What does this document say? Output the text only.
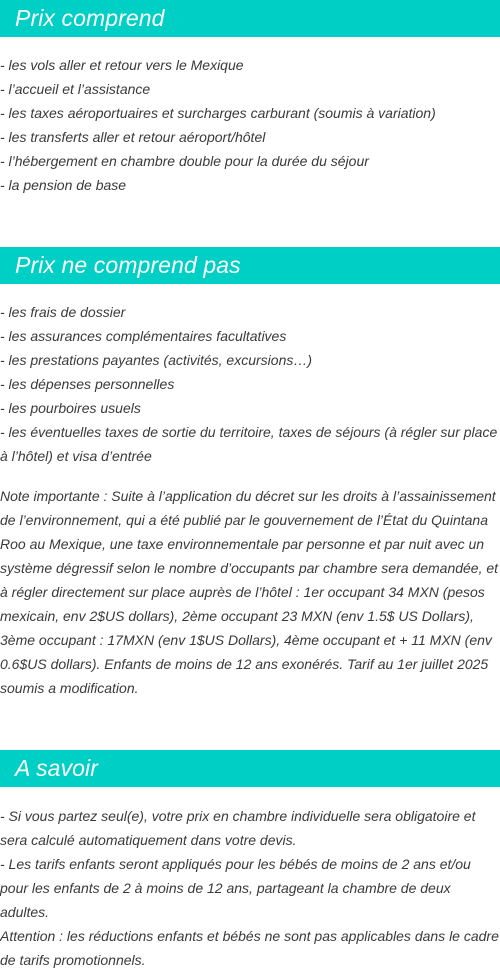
Prix comprend
- les vols aller et retour vers le Mexique
- l’accueil et l’assistance
- les taxes aéroportuaires et surcharges carburant (soumis à variation)
- les transferts aller et retour aéroport/hôtel
- l’hébergement en chambre double pour la durée du séjour
- la pension de base
Prix ne comprend pas
- les frais de dossier
- les assurances complémentaires facultatives
- les prestations payantes (activités, excursions…)
- les dépenses personnelles
- les pourboires usuels
- les éventuelles taxes de sortie du territoire, taxes de séjours (à régler sur place à l’hôtel) et visa d’entrée

Note importante : Suite à l’application du décret sur les droits à l’assainissement de l’environnement, qui a été publié par le gouvernement de l’État du Quintana Roo au Mexique, une taxe environnementale par personne et par nuit avec un système dégressif selon le nombre d’occupants par chambre sera demandée, et à régler directement sur place auprès de l’hôtel : 1er occupant 34 MXN (pesos mexicain, env 2$US dollars), 2ème occupant 23 MXN (env 1.5$ US Dollars), 3ème occupant : 17MXN (env 1$US Dollars), 4ème occupant et + 11 MXN (env 0.6$US dollars). Enfants de moins de 12 ans exonérés. Tarif au 1er juillet 2025 soumis a modification.

A savoir

- Si vous partez seul(e), votre prix en chambre individuelle sera obligatoire et sera calculé automatiquement dans votre devis.

- Les tarifs enfants seront appliqués pour les bébés de moins de 2 ans et/ou pour les enfants de 2 à moins de 12 ans, partageant la chambre de deux adultes.

Attention : les réductions enfants et bébés ne sont pas applicables dans le cadre de tarifs promotionnels.
